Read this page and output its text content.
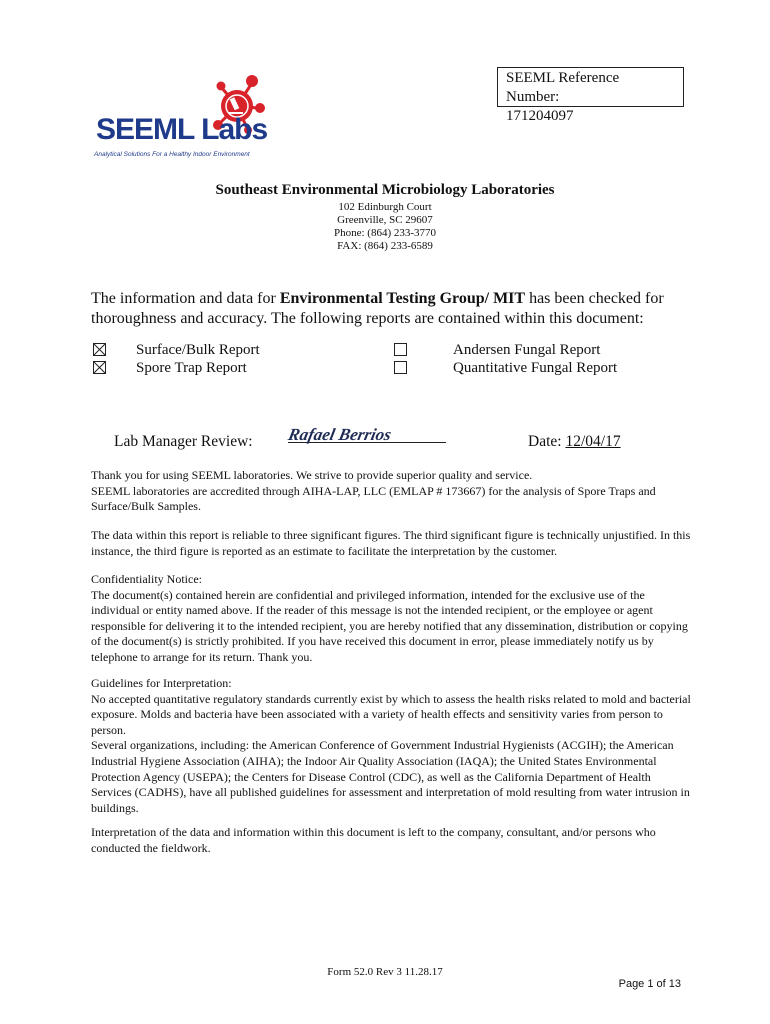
SEEML Reference Number:
171204097
SEEML Labs
Analytical Solutions For a Healthy Indoor Environment
Southeast Environmental Microbiology Laboratories
102 Edinburgh Court
Greenville, SC 29607
Phone: (864) 233-3770
FAX: (864) 233-6589
The information and data for Environmental Testing Group/ MIT has been checked for thoroughness and accuracy. The following reports are contained within this document:
Surface/Bulk Report
Spore Trap Report
Andersen Fungal Report
Quantitative Fungal Report
Lab Manager Review: Rafael Berrios	Date: 12/04/17

Thank you for using SEEML laboratories. We strive to provide superior quality and service.

SEEML laboratories are accredited through AIHA-LAP, LLC (EMLAP # 173667) for the analysis of Spore Traps and Surface/Bulk Samples.

The data within this report is reliable to three significant figures. The third significant figure is technically unjustified. In this instance, the third figure is reported as an estimate to facilitate the interpretation by the customer.

Confidentiality Notice:

The document(s) contained herein are confidential and privileged information, intended for the exclusive use of the individual or entity named above. If the reader of this message is not the intended recipient, or the employee or agent responsible for delivering it to the intended recipient, you are hereby notified that any dissemination, distribution or copying of the document(s) is strictly prohibited. If you have received this document in error, please immediately notify us by telephone to arrange for its return. Thank you.

Guidelines for Interpretation:

No accepted quantitative regulatory standards currently exist by which to assess the health risks related to mold and bacterial exposure. Molds and bacteria have been associated with a variety of health effects and sensitivity varies from person to person.

Several organizations, including: the American Conference of Government Industrial Hygienists (ACGIH); the American Industrial Hygiene Association (AIHA); the Indoor Air Quality Association (IAQA); the United States Environmental Protection Agency (USEPA); the Centers for Disease Control (CDC), as well as the California Department of Health Services (CADHS), have all published guidelines for assessment and interpretation of mold resulting from water intrusion in buildings.

Interpretation of the data and information within this document is left to the company, consultant, and/or persons who conducted the fieldwork.

Form 52.0 Rev 3 11.28.17
Page 1 of 13
